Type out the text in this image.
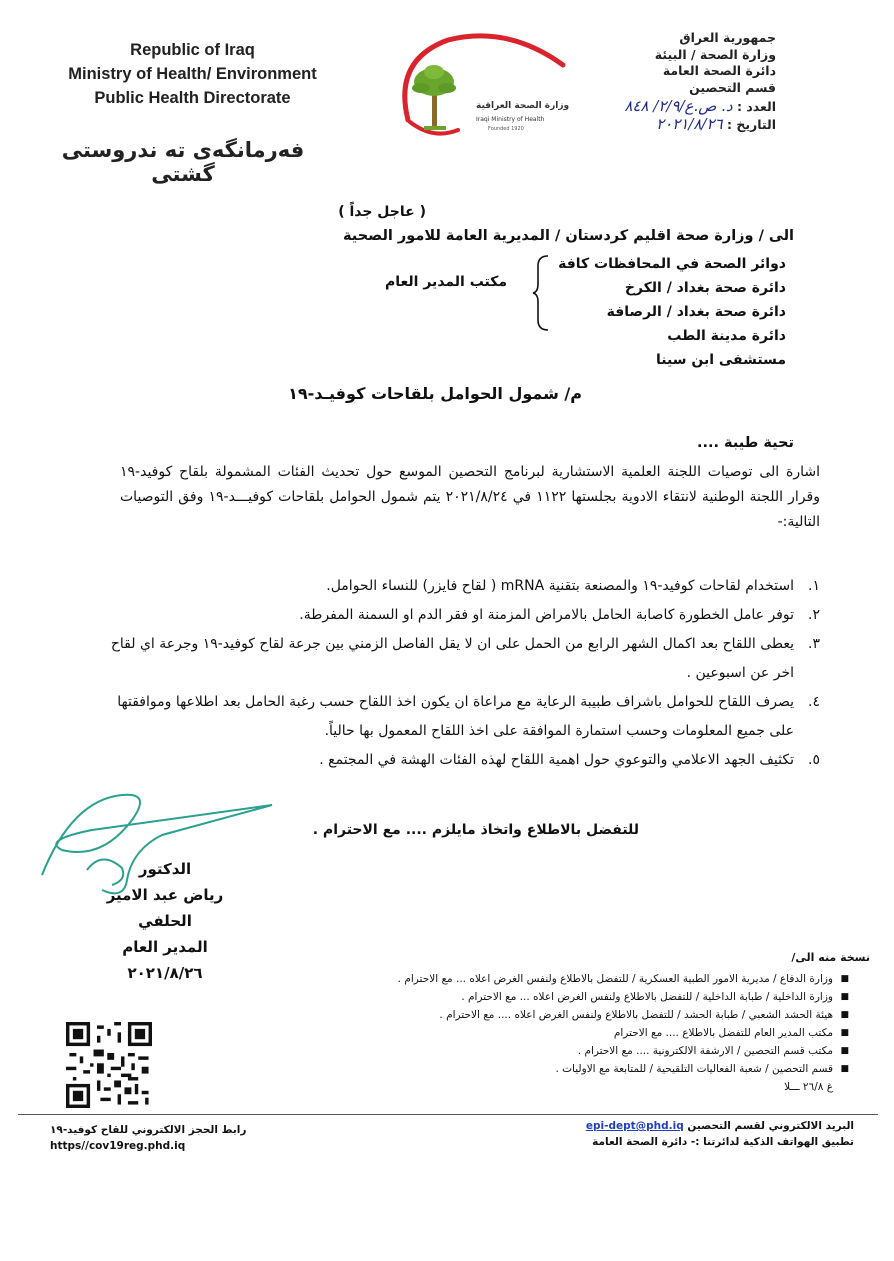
Republic of Iraq
Ministry of Health/ Environment
Public Health Directorate
فەرمانگەی تە ندروستی گشتی
وزارة الصحة العراقية
Iraqi Ministry of Health
Founded 1920
جمهورية العراق
وزارة الصحة / البيئة
دائرة الصحة العامة
قسم التحصين
العدد : د. ص.ع/٢/٩/ ٨٤٨
التاريخ : ٢٠٢١/٨/٢٦
( عاجل جداً )
الى / وزارة صحة اقليم كردستان / المديرية العامة للامور الصحية
دوائر الصحة في المحافظات كافة
دائرة صحة بغداد / الكرخ
دائرة صحة بغداد / الرصافة
دائرة مدينة الطب
مستشفى ابن سينا
مكتب المدير العام
م/ شمول الحوامل بلقاحات كوفيـد-١٩
تحية طيبة ....
اشارة الى توصيات اللجنة العلمية الاستشارية لبرنامج التحصين الموسع حول تحديث الفئات المشمولة بلقاح كوفيد-١٩ وقرار اللجنة الوطنية لانتقاء الادوية بجلستها ١١٢٢ في ٢٠٢١/٨/٢٤ يتم شمول الحوامل بلقاحات كوفيـــد-١٩ وفق التوصيات التالية:-
١.
استخدام لقاحات كوفيد-١٩ والمصنعة بتقنية mRNA ( لقاح فايزر) للنساء الحوامل.
٢.
توفر عامل الخطورة كاصابة الحامل بالامراض المزمنة او فقر الدم او السمنة المفرطة.
٣.
يعطى اللقاح بعد اكمال الشهر الرابع من الحمل على ان لا يقل الفاصل الزمني بين جرعة لقاح كوفيد-١٩ وجرعة اي لقاح اخر عن اسبوعين .
٤.
يصرف اللقاح للحوامل باشراف طبيبة الرعاية مع مراعاة ان يكون اخذ اللقاح حسب رغبة الحامل بعد اطلاعها وموافقتها على جميع المعلومات وحسب استمارة الموافقة على اخذ اللقاح المعمول بها حالياً.
٥.
تكثيف الجهد الاعلامي والتوعوي حول اهمية اللقاح لهذه الفئات الهشة في المجتمع .
للتفضل بالاطلاع واتخاذ مايلزم .... مع الاحترام .
الدكتور
رياض عبد الامير الحلفي
المدير العام
٢٠٢١/٨/٢٦
نسخة منه الى/
■
وزارة الدفاع / مديرية الامور الطبية العسكرية / للتفضل بالاطلاع ولنفس الغرض اعلاه ... مع الاحترام .
■
وزارة الداخلية / طبابة الداخلية / للتفضل بالاطلاع ولنفس الغرض اعلاه ... مع الاحترام .
■
هيئة الحشد الشعبي / طبابة الحشد / للتفضل بالاطلاع ولنفس الغرض اعلاه .... مع الاحترام .
■
مكتب المدير العام للتفضل بالاطلاع .... مع الاحترام
■
مكتب قسم التحصين / الارشفة الالكترونية .... مع الاحترام .
■
قسم التحصين / شعبة الفعاليات التلقيحية / للمتابعة مع الاوليات .
غ ٢٦/٨ ـــلا
رابط الحجز الالكتروني للقاح كوفيد-١٩
https//cov19reg.phd.iq
البريد الالكتروني لقسم التحصين epi-dept@phd.iq
تطبيق الهواتف الذكية لدائرتنا :- دائرة الصحة العامة
